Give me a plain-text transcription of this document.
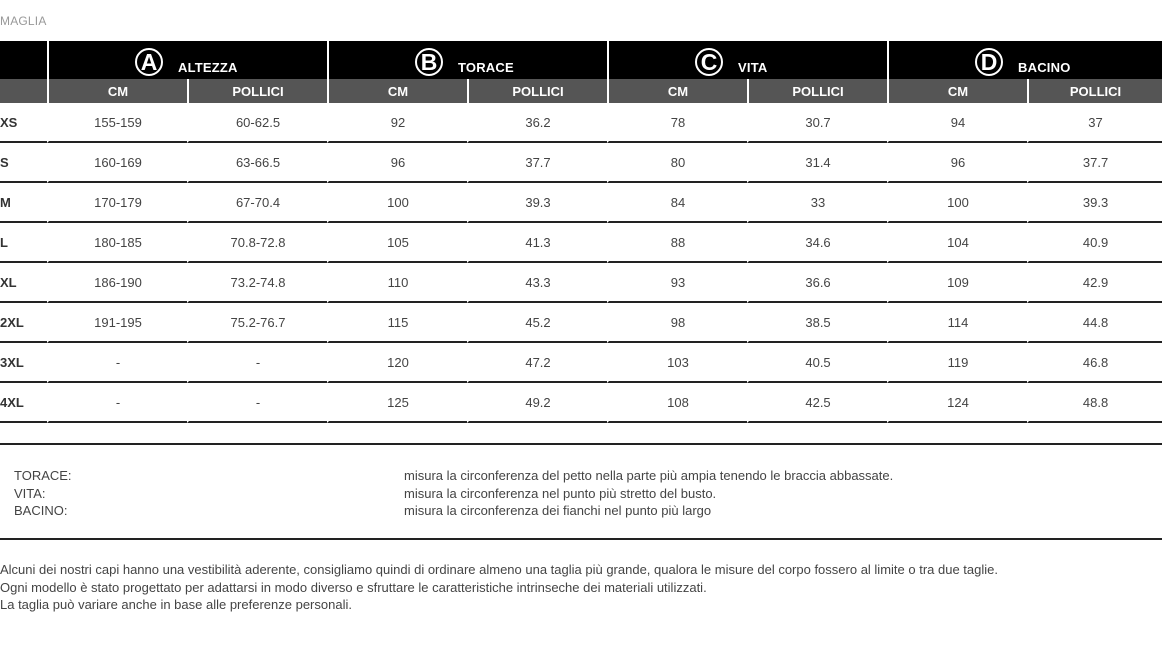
MAGLIA

A ALTEZZA		B TORACE		C VITA		D BACINO	

	CM	POLLICI	CM	POLLICI	CM	POLLICI	CM	POLLICI
XS	155-159	60-62.5	92	36.2	78	30.7	94	37
S	160-169	63-66.5	96	37.7	80	31.4	96	37.7
M	170-179	67-70.4	100	39.3	84	33	100	39.3
L	180-185	70.8-72.8	105	41.3	88	34.6	104	40.9
XL	186-190	73.2-74.8	110	43.3	93	36.6	109	42.9
2XL	191-195	75.2-76.7	115	45.2	98	38.5	114	44.8
3XL	-	-	120	47.2	103	40.5	119	46.8
4XL	-	-	125	49.2	108	42.5	124	48.8
TORACE:	misura la circonferenza del petto nella parte più ampia tenendo le braccia abbassate.
VITA:	misura la circonferenza nel punto più stretto del busto.
BACINO:	misura la circonferenza dei fianchi nel punto più largo
Alcuni dei nostri capi hanno una vestibilità aderente, consigliamo quindi di ordinare almeno una taglia più grande, qualora le misure del corpo fossero al limite o tra due taglie.
Ogni modello è stato progettato per adattarsi in modo diverso e sfruttare le caratteristiche intrinseche dei materiali utilizzati.
La taglia può variare anche in base alle preferenze personali.
